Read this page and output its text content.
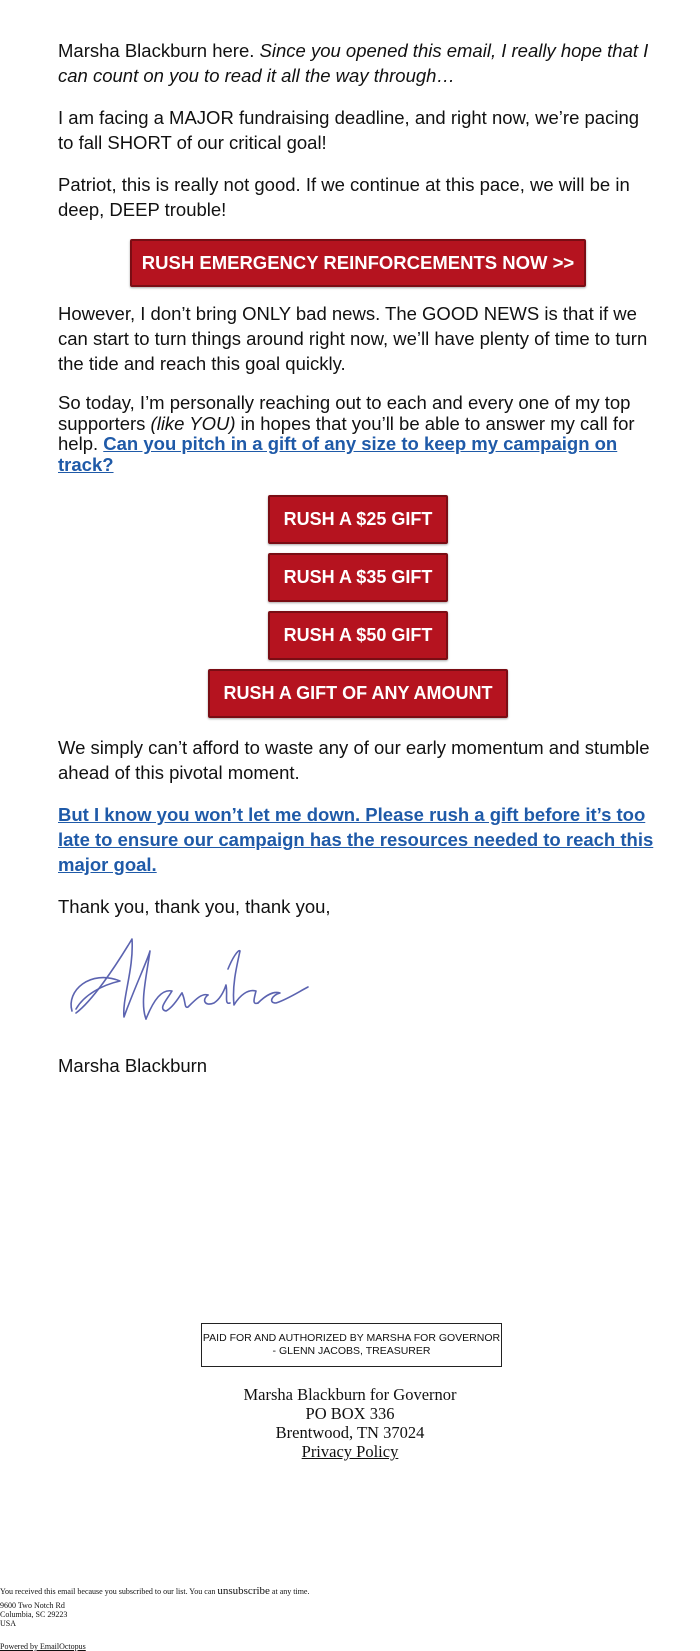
Marsha Blackburn here. Since you opened this email, I really hope that I can count on you to read it all the way through…

I am facing a MAJOR fundraising deadline, and right now, we’re pacing to fall SHORT of our critical goal!

Patriot, this is really not good. If we continue at this pace, we will be in deep, DEEP trouble!

RUSH EMERGENCY REINFORCEMENTS NOW >>

However, I don’t bring ONLY bad news. The GOOD NEWS is that if we can start to turn things around right now, we’ll have plenty of time to turn the tide and reach this goal quickly.

So today, I’m personally reaching out to each and every one of my top supporters (like YOU) in hopes that you’ll be able to answer my call for help. Can you pitch in a gift of any size to keep my campaign on track?

RUSH A $25 GIFT
RUSH A $35 GIFT
RUSH A $50 GIFT
RUSH A GIFT OF ANY AMOUNT

We simply can’t afford to waste any of our early momentum and stumble ahead of this pivotal moment.

But I know you won’t let me down. Please rush a gift before it’s too late to ensure our campaign has the resources needed to reach this major goal.

Thank you, thank you, thank you,

Marsha Blackburn

PAID FOR AND AUTHORIZED BY MARSHA FOR GOVERNOR - GLENN JACOBS, TREASURER
Marsha Blackburn for Governor
PO BOX 336
Brentwood, TN 37024
Privacy Policy
You received this email because you subscribed to our list. You can unsubscribe at any time.
9600 Two Notch Rd
Columbia, SC 29223
USA
Powered by EmailOctopus
